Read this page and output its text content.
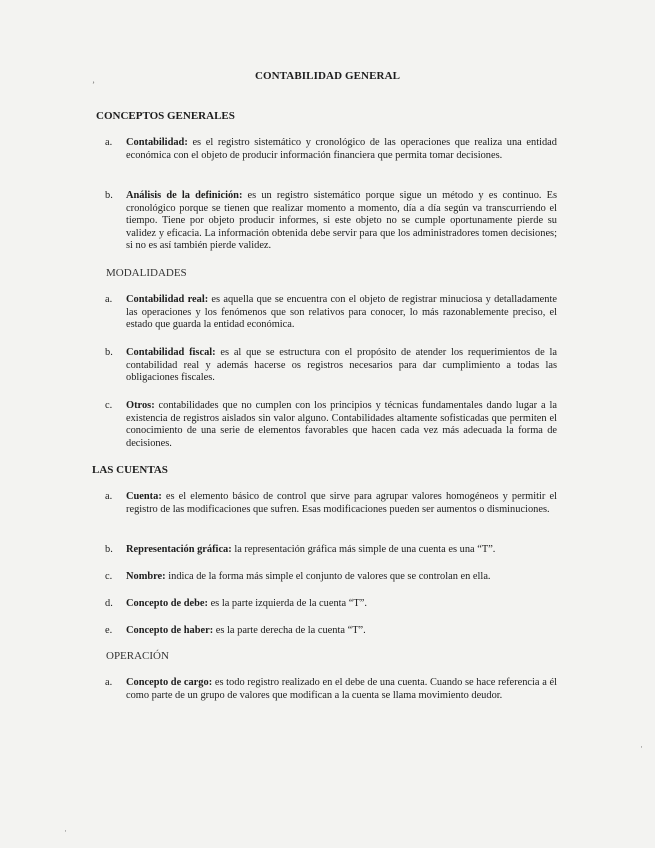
ʼ
CONTABILIDAD GENERAL
CONCEPTOS GENERALES
a.	Contabilidad: es el registro sistemático y cronológico de las operaciones que realiza una entidad económica con el objeto de producir información financiera que permita tomar decisiones.
b.	Análisis de la definición: es un registro sistemático porque sigue un método y es continuo. Es cronológico porque se tienen que realizar momento a momento, día a día según va transcurriendo el tiempo. Tiene por objeto producir informes, si este objeto no se cumple oportunamente pierde su validez y eficacia. La información obtenida debe servir para que los administradores tomen decisiones; si no es así también pierde validez.
MODALIDADES
a.	Contabilidad real: es aquella que se encuentra con el objeto de registrar minuciosa y detalladamente las operaciones y los fenómenos que son relativos para conocer, lo más razonablemente preciso, el estado que guarda la entidad económica.
b.	Contabilidad fiscal: es al que se estructura con el propósito de atender los requerimientos de la contabilidad real y además hacerse os registros necesarios para dar cumplimiento a todas las obligaciones fiscales.
c.	Otros: contabilidades que no cumplen con los principios y técnicas fundamentales dando lugar a la existencia de registros aislados sin valor alguno. Contabilidades altamente sofisticadas que permiten el conocimiento de una serie de elementos favorables que hacen cada vez más adecuada la forma de decisiones.
LAS CUENTAS
a.	Cuenta: es el elemento básico de control que sirve para agrupar valores homogéneos y permitir el registro de las modificaciones que sufren. Esas modificaciones pueden ser aumentos o disminuciones.
b.	Representación gráfica: la representación gráfica más simple de una cuenta es una “T”.
c.	Nombre: indica de la forma más simple el conjunto de valores que se controlan en ella.
d.	Concepto de debe: es la parte izquierda de la cuenta “T”.
e.	Concepto de haber: es la parte derecha de la cuenta “T”.
OPERACIÓN
a.	Concepto de cargo: es todo registro realizado en el debe de una cuenta. Cuando se hace referencia a él como parte de un grupo de valores que modifican a la cuenta se llama movimiento deudor.
·
·
